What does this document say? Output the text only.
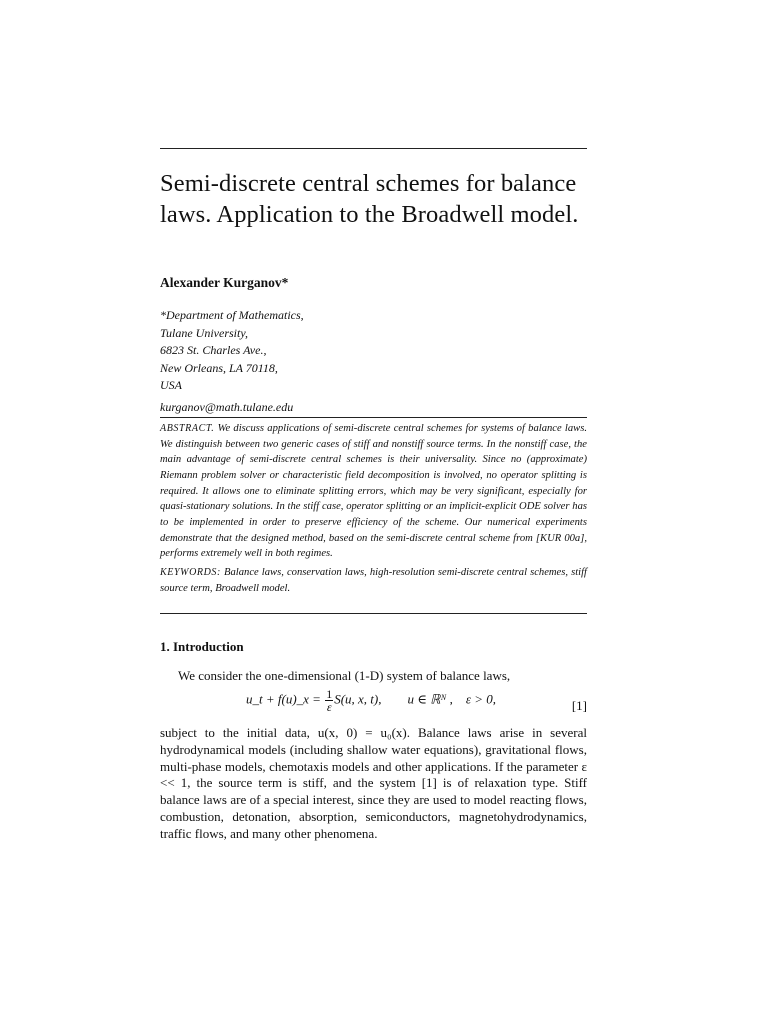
Semi-discrete central schemes for balance laws. Application to the Broadwell model.
Alexander Kurganov*
*Department of Mathematics,
Tulane University,
6823 St. Charles Ave.,
New Orleans, LA 70118,
USA
kurganov@math.tulane.edu

ABSTRACT. We discuss applications of semi-discrete central schemes for systems of balance laws. We distinguish between two generic cases of stiff and nonstiff source terms. In the nonstiff case, the main advantage of semi-discrete central schemes is their universality. Since no (approximate) Riemann problem solver or characteristic field decomposition is involved, no operator splitting is required. It allows one to eliminate splitting errors, which may be very significant, especially for quasi-stationary solutions. In the stiff case, operator splitting or an implicit-explicit ODE solver has to be implemented in order to preserve efficiency of the scheme. Our numerical experiments demonstrate that the designed method, based on the semi-discrete central scheme from [KUR 00a], performs extremely well in both regimes.

KEYWORDS: Balance laws, conservation laws, high-resolution semi-discrete central schemes, stiff source term, Broadwell model.

1. Introduction
We consider the one-dimensional (1-D) system of balance laws,
u_t + f(u)_x = $\frac{1}{\varepsilon} S(u$, x, t), u ∈ ℝᴺ , ε > 0,	[1]
subject to the initial data, u(x, 0) = u₀(x). Balance laws arise in several hydrodynamical models (including shallow water equations), gravitational flows, multi-phase models, chemotaxis models and other applications. If the parameter ε << 1, the source term is stiff, and the system [1] is of relaxation type. Stiff balance laws are of a special interest, since they are used to model reacting flows, combustion, detonation, absorption, semiconductors, magnetohydrodynamics, traffic flows, and many other phenomena.
